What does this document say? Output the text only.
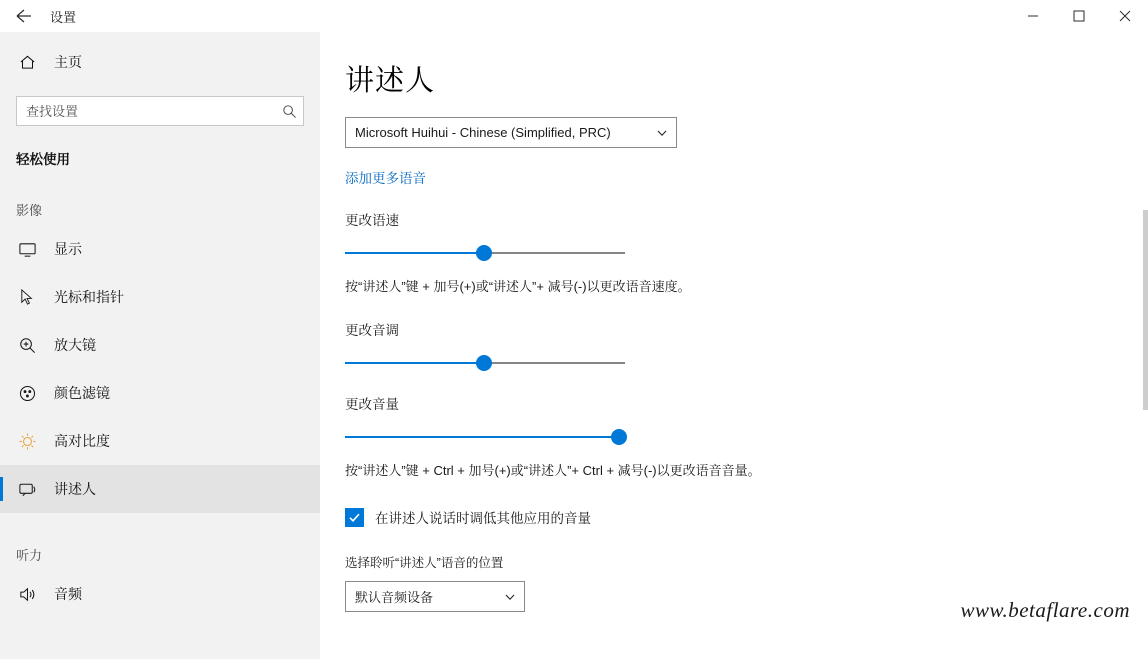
设置
主页
查找设置
轻松使用
影像
显示
光标和指针
放大镜
颜色滤镜
高对比度
讲述人
听力
音频
讲述人
Microsoft Huihui - Chinese (Simplified, PRC)
添加更多语音
更改语速
按“讲述人”键 + 加号(+)或“讲述人”+ 减号(-)以更改语音速度。
更改音调
更改音量
按“讲述人”键 + Ctrl + 加号(+)或“讲述人”+ Ctrl + 减号(-)以更改语音音量。
在讲述人说话时调低其他应用的音量
选择聆听“讲述人”语音的位置
默认音频设备
www.betaflare.com
